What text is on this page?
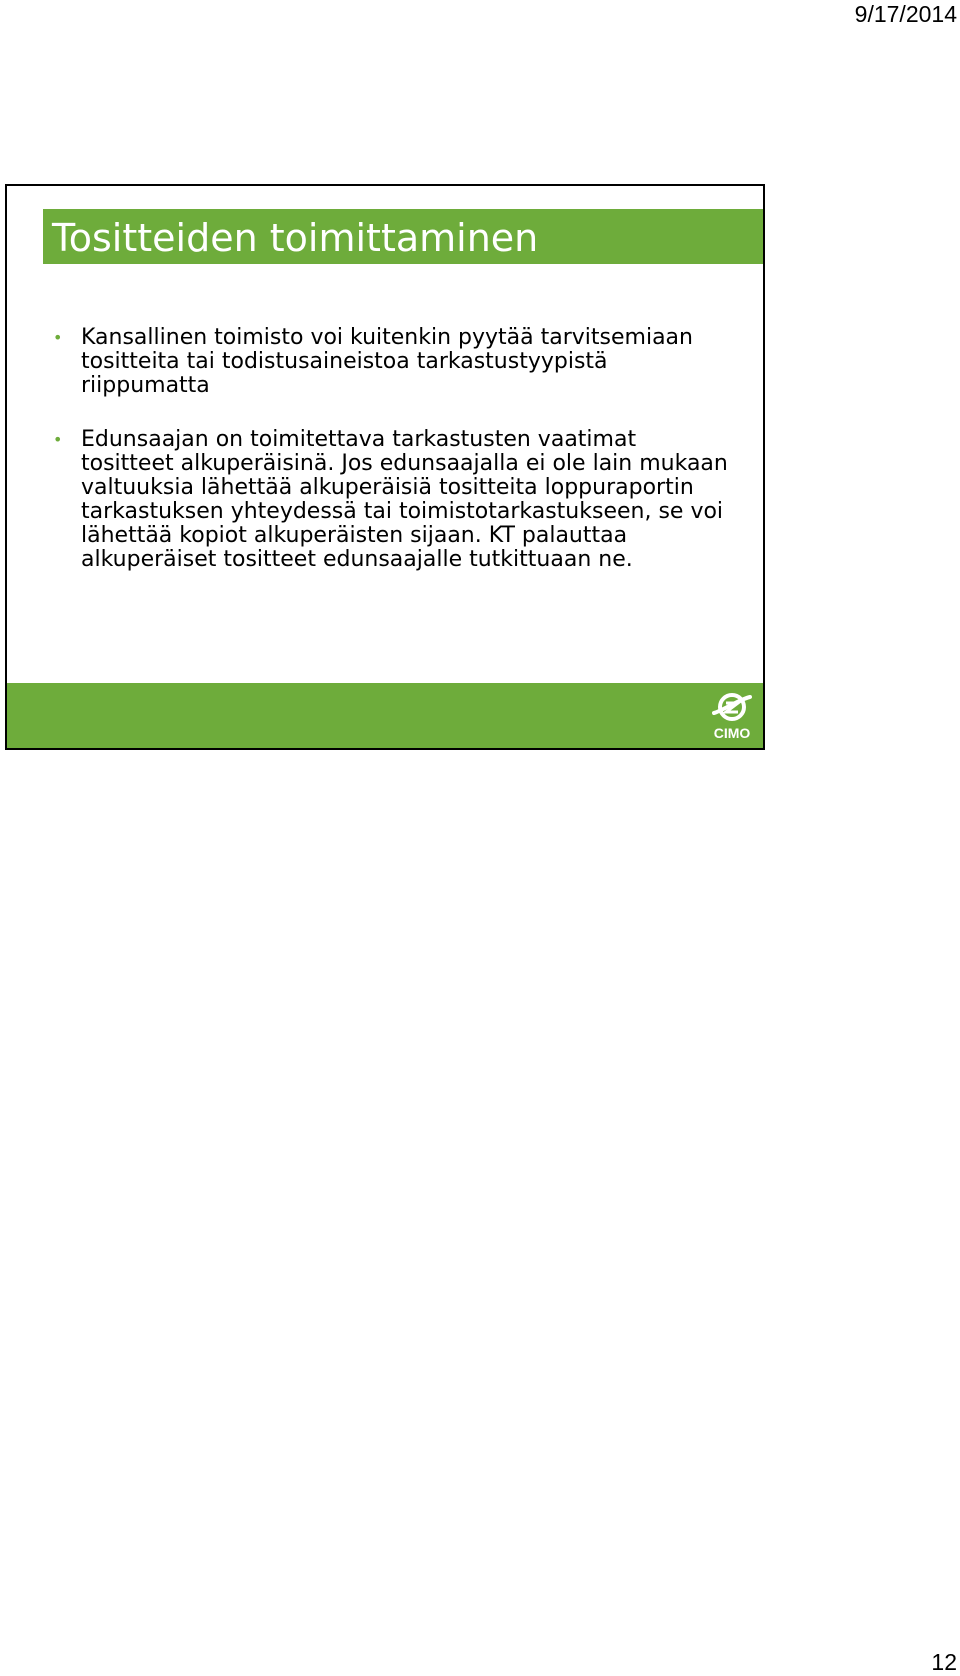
9/17/2014
Tositteiden toimittaminen
• Kansallinen toimisto voi kuitenkin pyytää tarvitsemiaan tositteita tai todistusaineistoa tarkastustyypistä riippumatta
• Edunsaajan on toimitettava tarkastusten vaatimat tositteet alkuperäisinä. Jos edunsaajalla ei ole lain mukaan valtuuksia lähettää alkuperäisiä tositteita loppuraportin tarkastuksen yhteydessä tai toimistotarkastukseen, se voi lähettää kopiot alkuperäisten sijaan. KT palauttaa alkuperäiset tositteet edunsaajalle tutkittuaan ne.
CIMO
12
